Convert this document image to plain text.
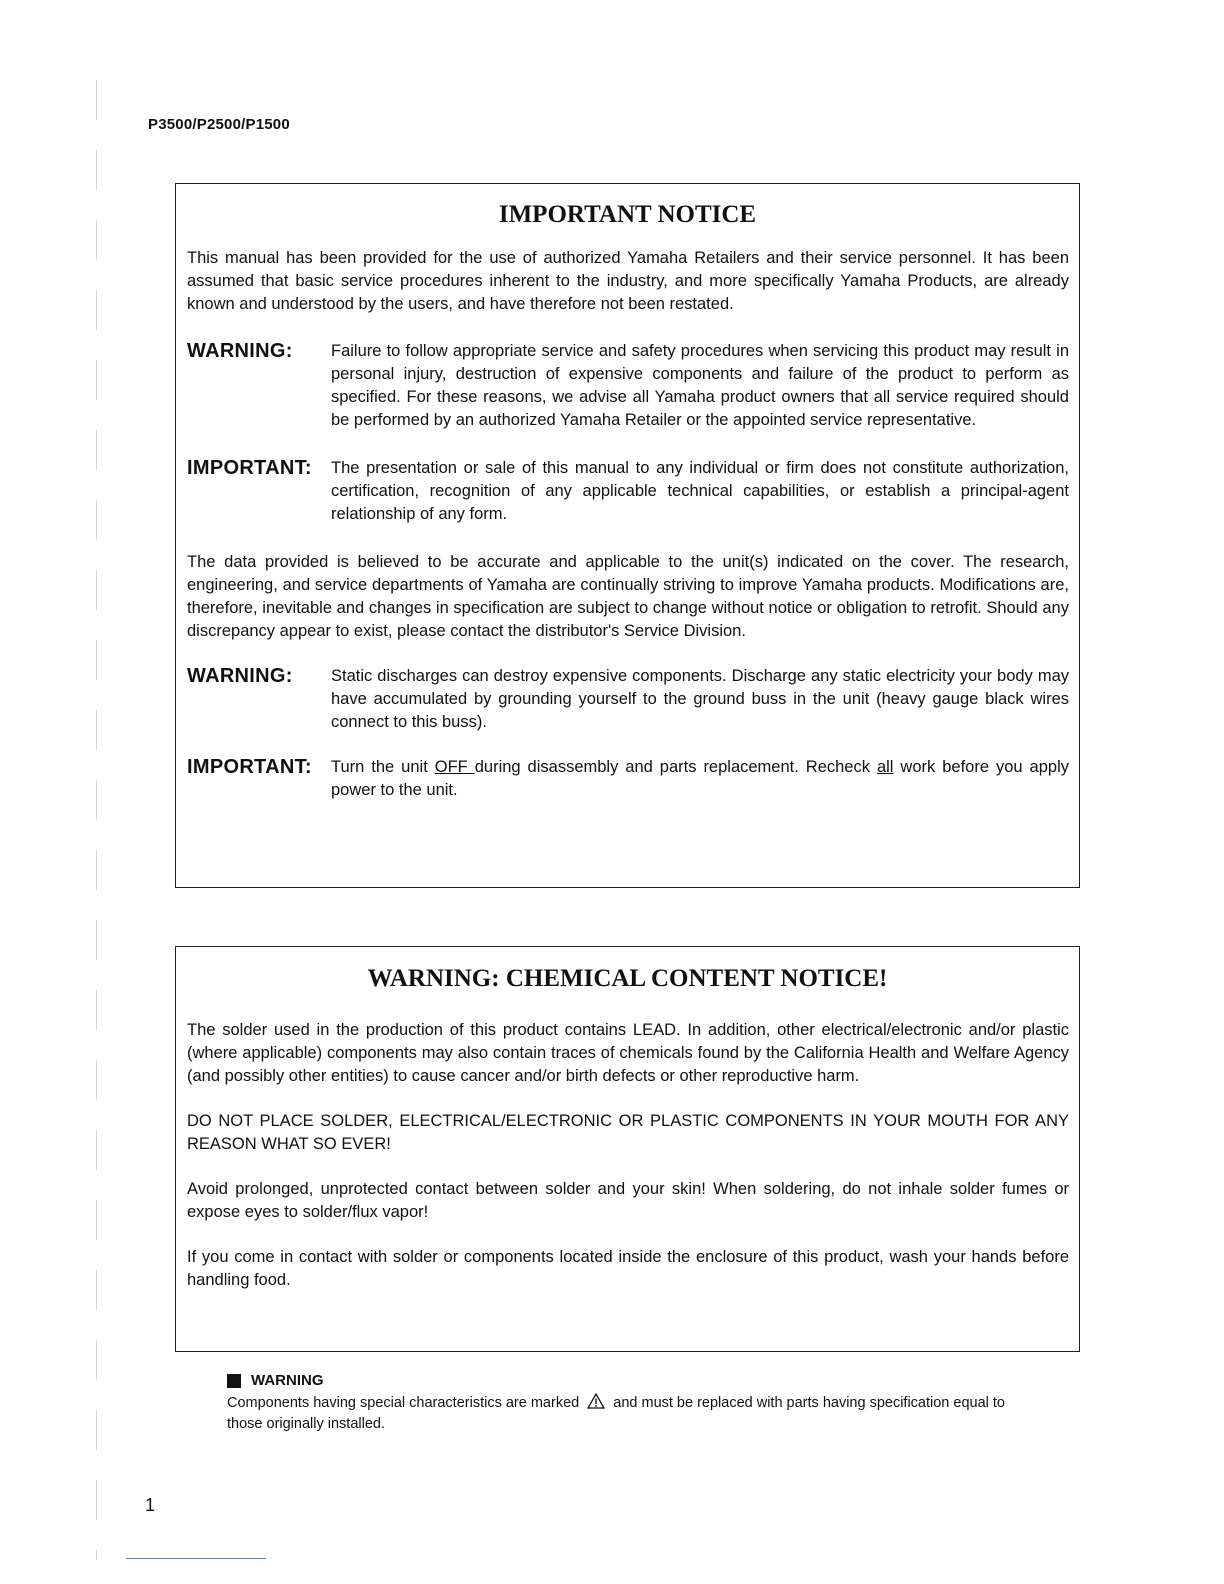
P3500/P2500/P1500
IMPORTANT NOTICE

This manual has been provided for the use of authorized Yamaha Retailers and their service personnel. It has been assumed that basic service procedures inherent to the industry, and more specifically Yamaha Products, are already known and understood by the users, and have therefore not been restated.

WARNING:	Failure to follow appropriate service and safety procedures when servicing this product may result in personal injury, destruction of expensive components and failure of the product to perform as specified. For these reasons, we advise all Yamaha product owners that all service required should be performed by an authorized Yamaha Retailer or the appointed service representative.
IMPORTANT:	The presentation or sale of this manual to any individual or firm does not constitute authorization, certification, recognition of any applicable technical capabilities, or establish a principal-agent relationship of any form.

The data provided is believed to be accurate and applicable to the unit(s) indicated on the cover. The research, engineering, and service departments of Yamaha are continually striving to improve Yamaha products. Modifications are, therefore, inevitable and changes in specification are subject to change without notice or obligation to retrofit. Should any discrepancy appear to exist, please contact the distributor's Service Division.

WARNING:	Static discharges can destroy expensive components. Discharge any static electricity your body may have accumulated by grounding yourself to the ground buss in the unit (heavy gauge black wires connect to this buss).
IMPORTANT:	Turn the unit OFF during disassembly and parts replacement. Recheck all work before you apply power to the unit.
WARNING: CHEMICAL CONTENT NOTICE!

The solder used in the production of this product contains LEAD. In addition, other electrical/electronic and/or plastic (where applicable) components may also contain traces of chemicals found by the California Health and Welfare Agency (and possibly other entities) to cause cancer and/or birth defects or other reproductive harm.

DO NOT PLACE SOLDER, ELECTRICAL/ELECTRONIC OR PLASTIC COMPONENTS IN YOUR MOUTH FOR ANY REASON WHAT SO EVER!

Avoid prolonged, unprotected contact between solder and your skin! When soldering, do not inhale solder fumes or expose eyes to solder/flux vapor!

If you come in contact with solder or components located inside the enclosure of this product, wash your hands before handling food.

WARNING
Components having special characteristics are marked and must be replaced with parts having specification equal to those originally installed.
1
